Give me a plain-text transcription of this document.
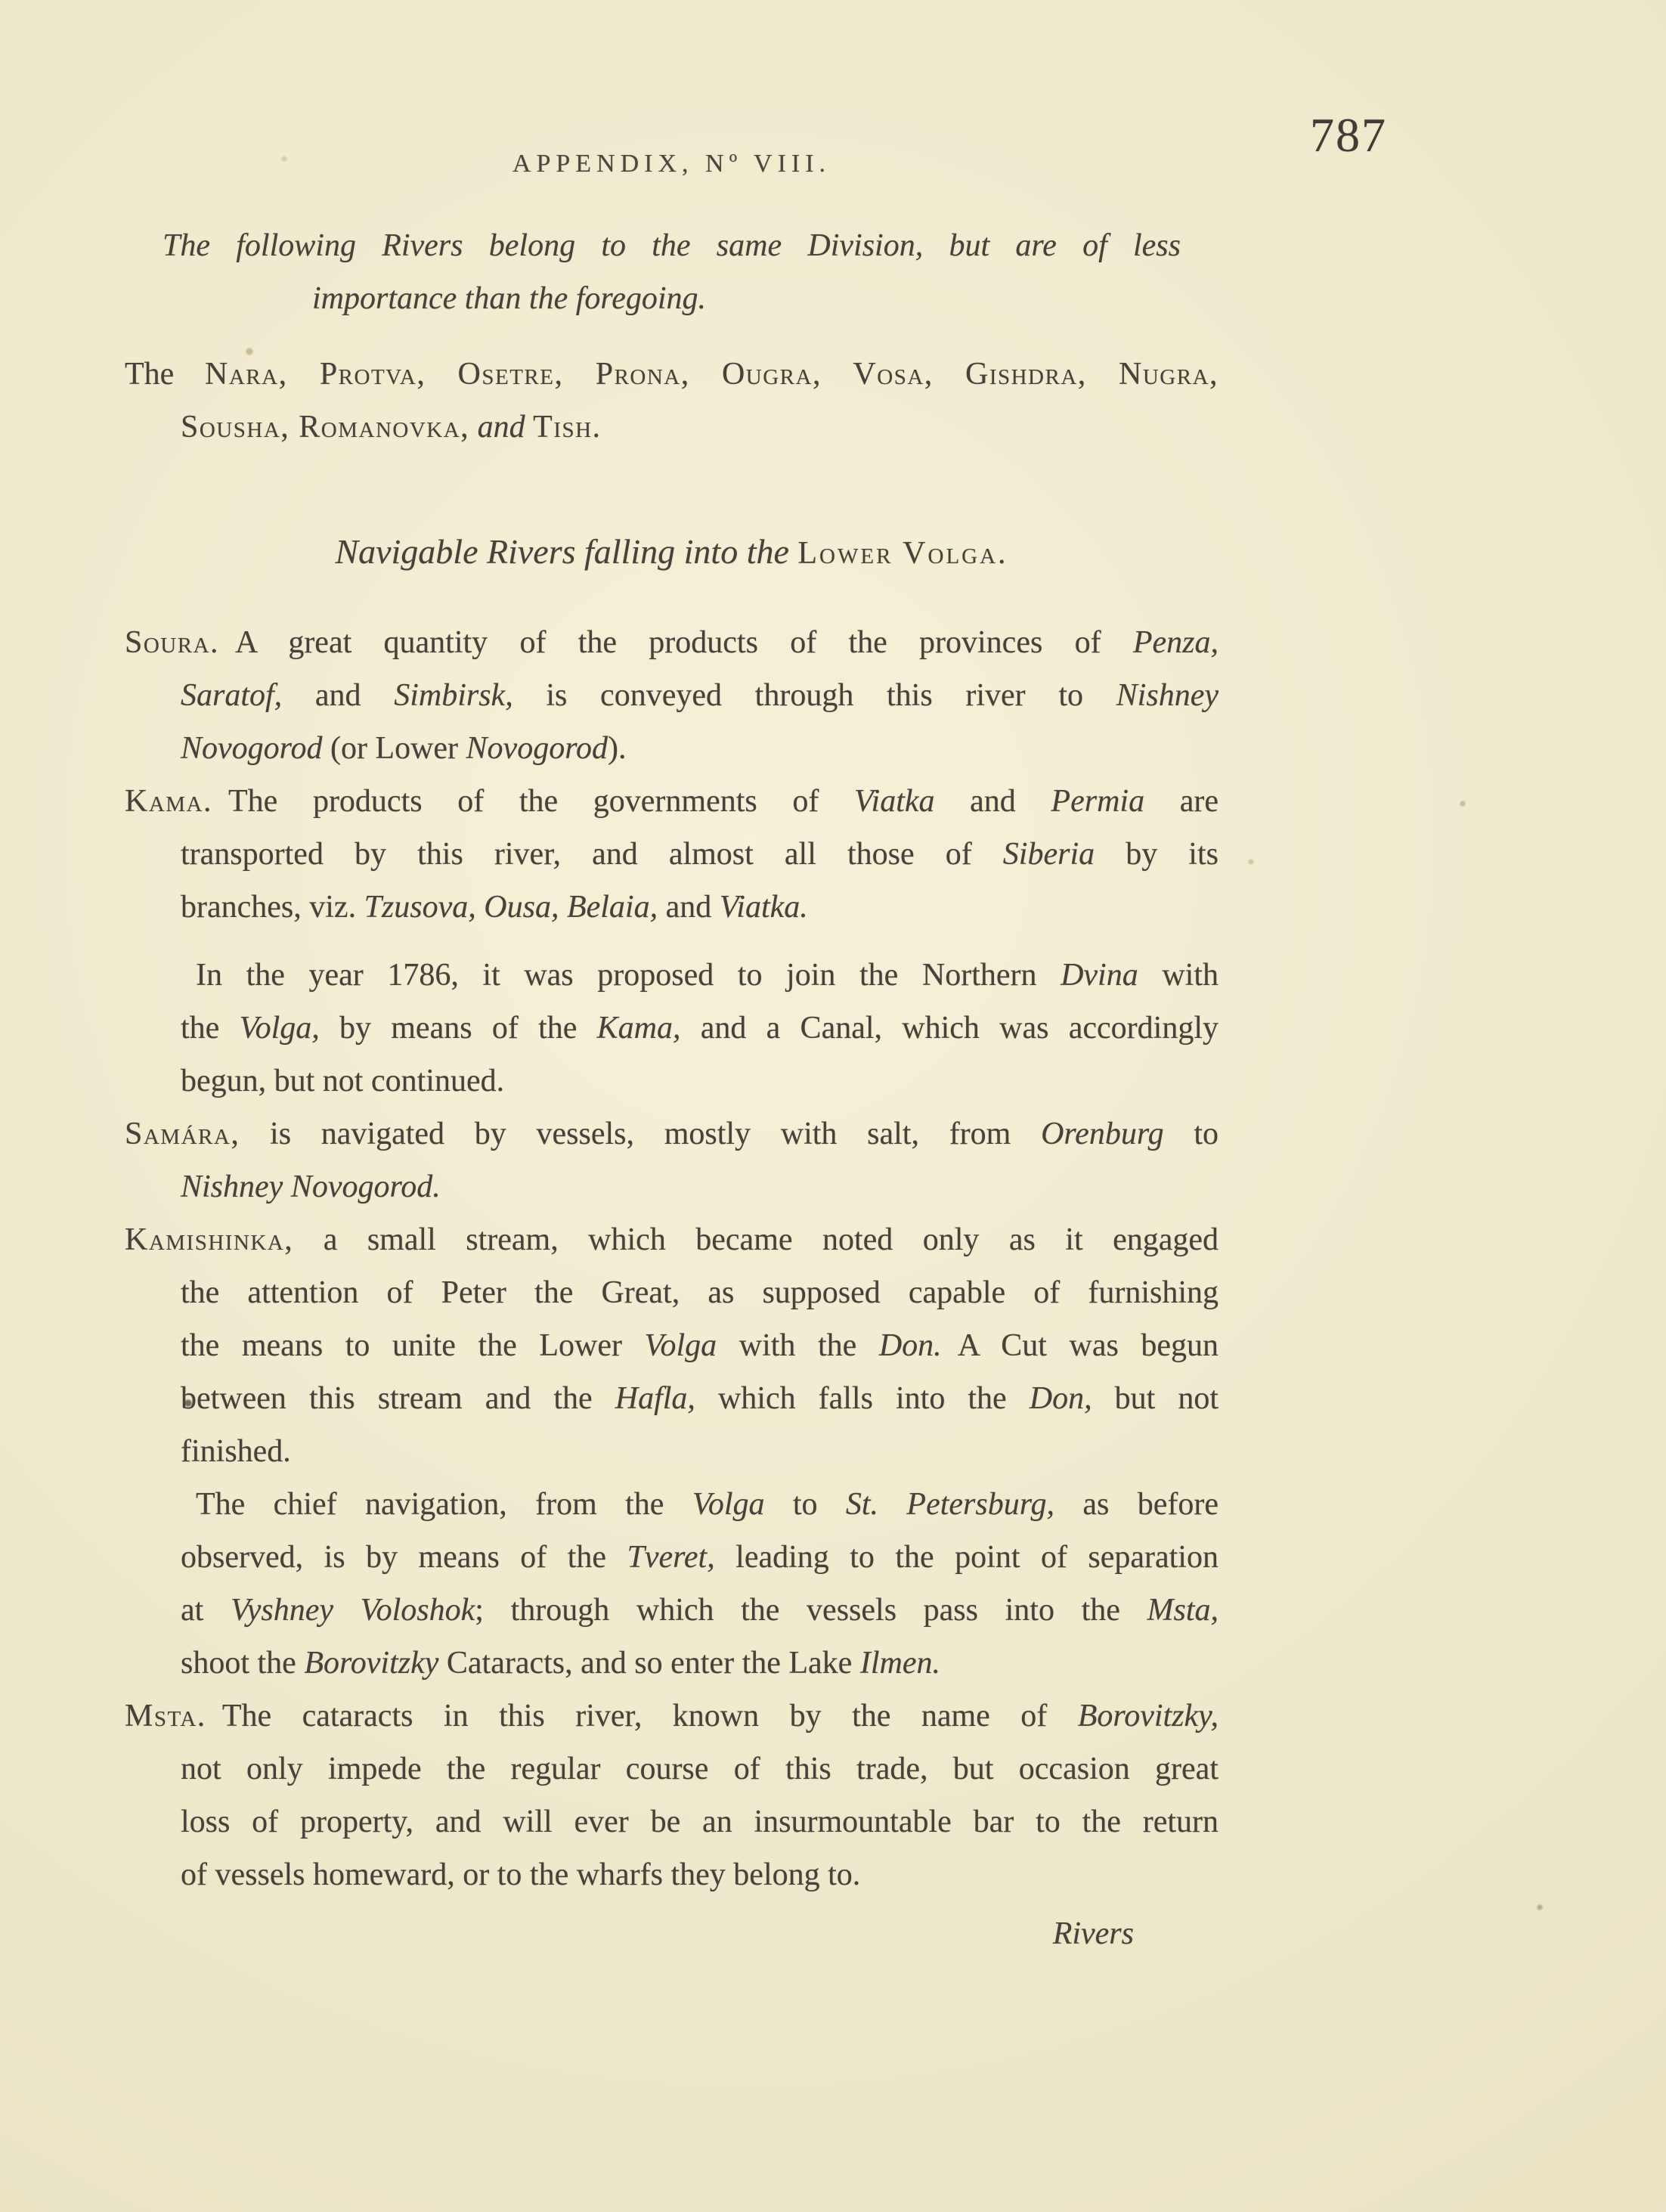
APPENDIX, Nº VIII.
787
The following Rivers belong to the same Division, but are of less
importance than the foregoing.
The Nara, Protva, Osetre, Prona, Ougra, Vosa, Gishdra, Nugra,
Sousha, Romanovka, and Tish.
Navigable Rivers falling into the Lower Volga.
Soura. A great quantity of the products of the provinces of Penza,
Saratof, and Simbirsk, is conveyed through this river to Nishney
Novogorod (or Lower Novogorod).
Kama. The products of the governments of Viatka and Permia are
transported by this river, and almost all those of Siberia by its
branches, viz. Tzusova, Ousa, Belaia, and Viatka.
In the year 1786, it was proposed to join the Northern Dvina with
the Volga, by means of the Kama, and a Canal, which was accordingly
begun, but not continued.
Samára, is navigated by vessels, mostly with salt, from Orenburg to
Nishney Novogorod.
Kamishinka, a small stream, which became noted only as it engaged
the attention of Peter the Great, as supposed capable of furnishing
the means to unite the Lower Volga with the Don. A Cut was begun
between this stream and the Hafla, which falls into the Don, but not
finished.
The chief navigation, from the Volga to St. Petersburg, as before
observed, is by means of the Tveret, leading to the point of separation
at Vyshney Voloshok; through which the vessels pass into the Msta,
shoot the Borovitzky Cataracts, and so enter the Lake Ilmen.
Msta. The cataracts in this river, known by the name of Borovitzky,
not only impede the regular course of this trade, but occasion great
loss of property, and will ever be an insurmountable bar to the return
of vessels homeward, or to the wharfs they belong to.
Rivers
